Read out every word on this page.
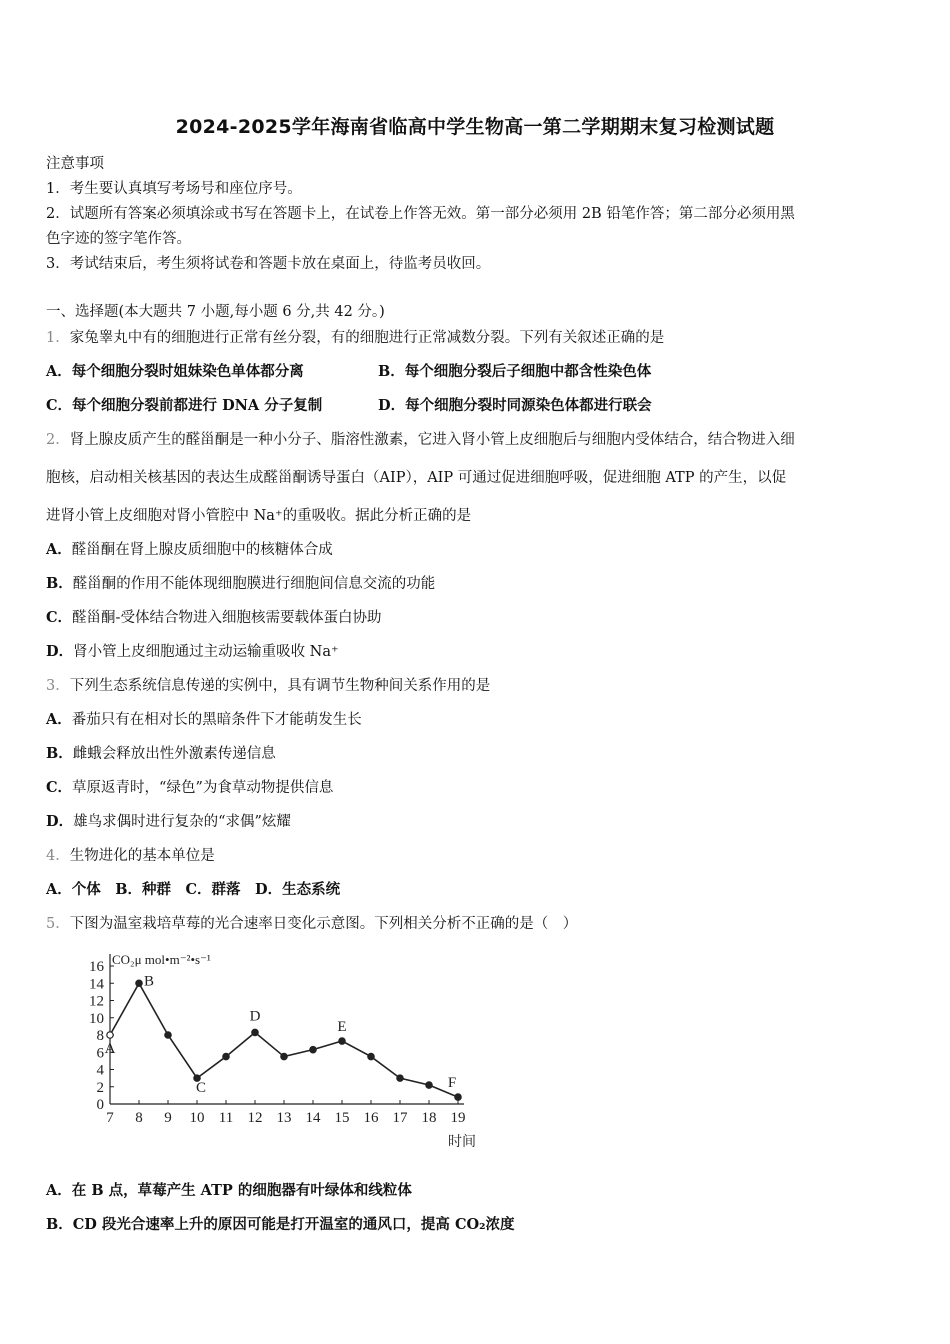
2024-2025学年海南省临高中学生物高一第二学期期末复习检测试题
注意事项
1．考生要认真填写考场号和座位序号。
2．试题所有答案必须填涂或书写在答题卡上，在试卷上作答无效。第一部分必须用 2B 铅笔作答；第二部分必须用黑
色字迹的签字笔作答。
3．考试结束后，考生须将试卷和答题卡放在桌面上，待监考员收回。
一、选择题(本大题共 7 小题,每小题 6 分,共 42 分。)
1．家兔睾丸中有的细胞进行正常有丝分裂，有的细胞进行正常减数分裂。下列有关叙述正确的是
A．每个细胞分裂时姐妹染色单体都分离	B．每个细胞分裂后子细胞中都含性染色体
C．每个细胞分裂前都进行 DNA 分子复制	D．每个细胞分裂时同源染色体都进行联会
2．肾上腺皮质产生的醛甾酮是一种小分子、脂溶性激素，它进入肾小管上皮细胞后与细胞内受体结合，结合物进入细
胞核，启动相关核基因的表达生成醛甾酮诱导蛋白（AIP），AIP 可通过促进细胞呼吸，促进细胞 ATP 的产生，以促
进肾小管上皮细胞对肾小管腔中 Na⁺的重吸收。据此分析正确的是
A．醛甾酮在肾上腺皮质细胞中的核糖体合成
B．醛甾酮的作用不能体现细胞膜进行细胞间信息交流的功能
C．醛甾酮-受体结合物进入细胞核需要载体蛋白协助
D．肾小管上皮细胞通过主动运输重吸收 Na⁺
3．下列生态系统信息传递的实例中，具有调节生物种间关系作用的是
A．番茄只有在相对长的黑暗条件下才能萌发生长
B．雌蛾会释放出性外激素传递信息
C．草原返青时，“绿色”为食草动物提供信息
D．雄鸟求偶时进行复杂的“求偶”炫耀
4．生物进化的基本单位是
A．个体　B．种群　C．群落　D．生态系统
5．下图为温室栽培草莓的光合速率日变化示意图。下列相关分析不正确的是（　）
0
2
4
6
8
10
12
14
16
7 8 9 10 11 12 13 14 15 16 17 18 19
CO₂μ mol•m⁻²•s⁻¹
时间
A
B
C
D
E
F
A．在 B 点，草莓产生 ATP 的细胞器有叶绿体和线粒体
B．CD 段光合速率上升的原因可能是打开温室的通风口，提高 CO₂浓度
